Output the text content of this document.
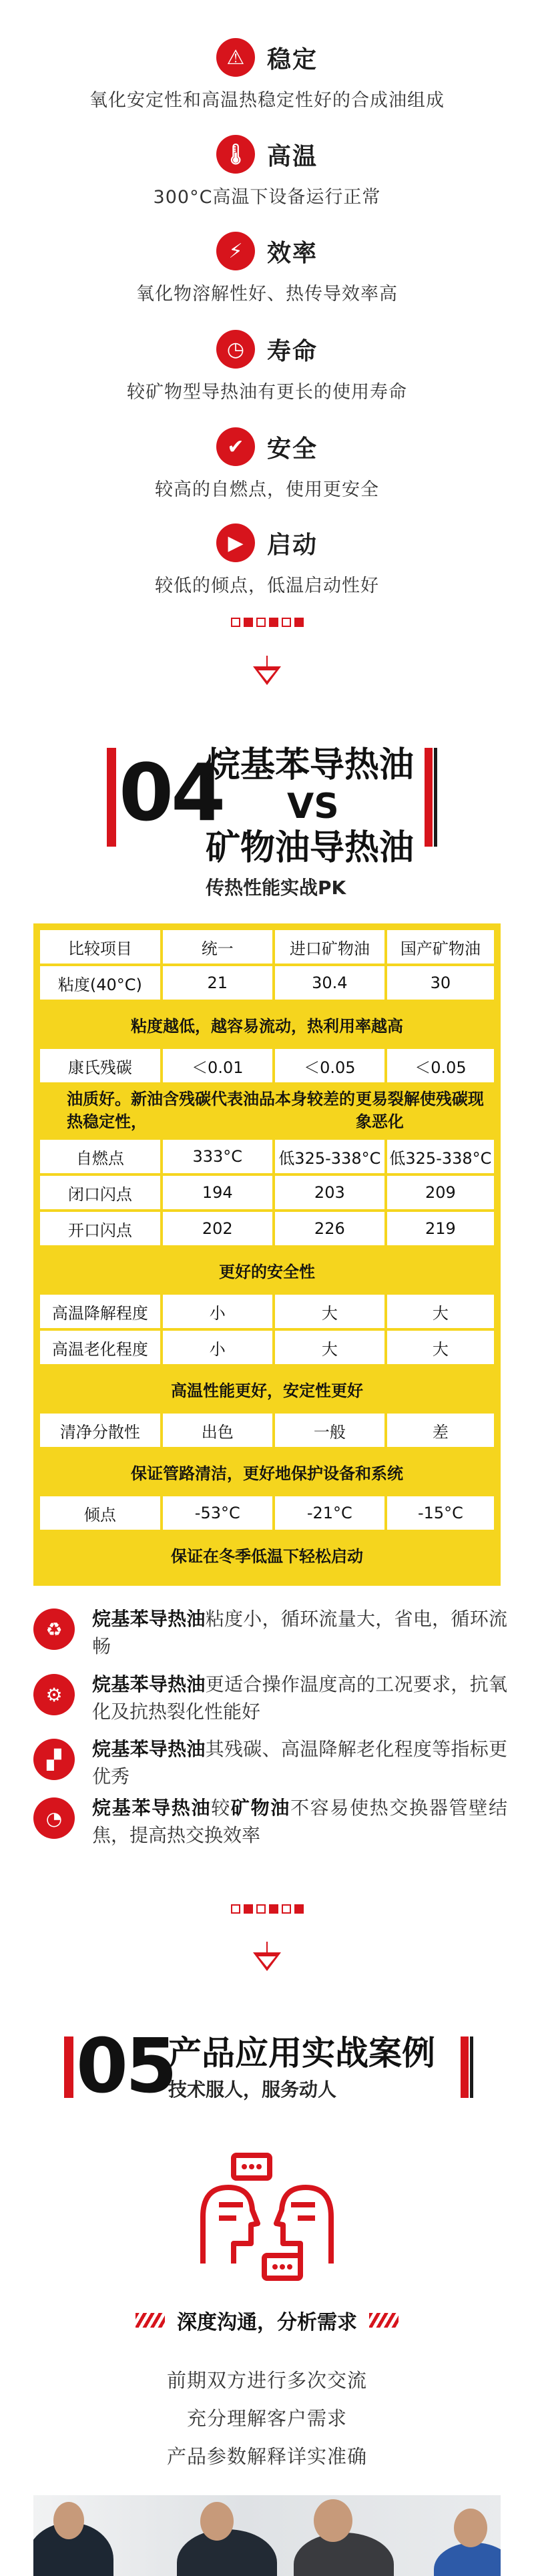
⚠ 稳定
氧化安定性和高温热稳定性好的合成油组成
🌡 高温
300°C高温下设备运行正常
⚡	效率
氧化物溶解性好、热传导效率高
◷ 寿命
较矿物型导热油有更长的使用寿命
✔ 安全
较高的自燃点，使用更安全
▶ 启动
较低的倾点，低温启动性好
04
烷基苯导热油
VS
矿物油导热油
传热性能实战PK
比较项目	统一	进口矿物油	国产矿物油
粘度(40°C)	21	30.4	30
粘度越低，越容易流动，热利用率越高
康氏残碳	＜0.01	＜0.05	＜0.05
油质好。新油含残碳代表油品本身较差的热稳定性，
更易裂解使残碳现象恶化
自燃点	333°C	低325-338°C 低325-338°C
闭口闪点	194	203	209
开口闪点	202	226	219
更好的安全性
高温降解程度	小	大	大
高温老化程度	小	大	大
高温性能更好，安定性更好
清净分散性	出色	一般	差
保证管路清洁，更好地保护设备和系统
倾点	-53°C	-21°C	-15°C
保证在冬季低温下轻松启动
♻	烷基苯导热油粘度小，循环流量大，省电，循环流畅
⚙	烷基苯导热油更适合操作温度高的工况要求，抗氧化及抗热裂化性能好
▞	烷基苯导热油其残碳、高温降解老化程度等指标更优秀
◔	烷基苯导热油较矿物油不容易使热交换器管壁结焦，提高热交换效率
05
产品应用实战案例
技术服人，服务动人
深度沟通，分析需求
前期双方进行多次交流
充分理解客户需求
产品参数解释详实准确
